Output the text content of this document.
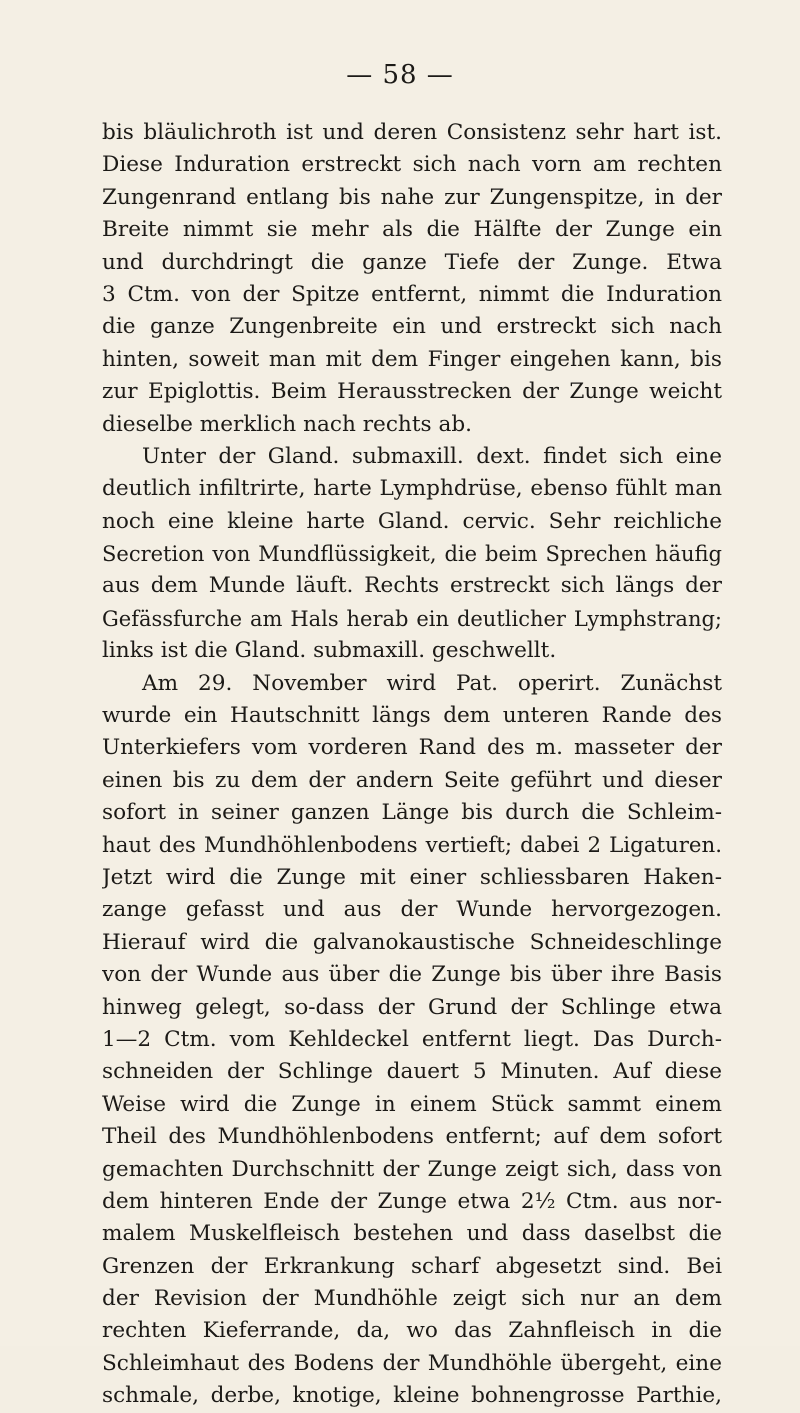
— 58 —
bis bläulichroth ist und deren Consistenz sehr hart ist.
Diese Induration erstreckt sich nach vorn am rechten
Zungenrand entlang bis nahe zur Zungenspitze, in der
Breite nimmt sie mehr als die Hälfte der Zunge ein
und durchdringt die ganze Tiefe der Zunge. Etwa
3 Ctm. von der Spitze entfernt, nimmt die Induration
die ganze Zungenbreite ein und erstreckt sich nach
hinten, soweit man mit dem Finger eingehen kann, bis
zur Epiglottis. Beim Herausstrecken der Zunge weicht
dieselbe merklich nach rechts ab.
Unter der Gland. submaxill. dext. findet sich eine
deutlich infiltrirte, harte Lymphdrüse, ebenso fühlt man
noch eine kleine harte Gland. cervic. Sehr reichliche
Secretion von Mundflüssigkeit, die beim Sprechen häufig
aus dem Munde läuft. Rechts erstreckt sich längs der
Gefässfurche am Hals herab ein deutlicher Lymphstrang;
links ist die Gland. submaxill. geschwellt.
Am 29. November wird Pat. operirt. Zunächst
wurde ein Hautschnitt längs dem unteren Rande des
Unterkiefers vom vorderen Rand des m. masseter der
einen bis zu dem der andern Seite geführt und dieser
sofort in seiner ganzen Länge bis durch die Schleim-
haut des Mundhöhlenbodens vertieft; dabei 2 Ligaturen.
Jetzt wird die Zunge mit einer schliessbaren Haken-
zange gefasst und aus der Wunde hervorgezogen.
Hierauf wird die galvanokaustische Schneideschlinge
von der Wunde aus über die Zunge bis über ihre Basis
hinweg gelegt, so-dass der Grund der Schlinge etwa
1—2 Ctm. vom Kehldeckel entfernt liegt. Das Durch-
schneiden der Schlinge dauert 5 Minuten. Auf diese
Weise wird die Zunge in einem Stück sammt einem
Theil des Mundhöhlenbodens entfernt; auf dem sofort
gemachten Durchschnitt der Zunge zeigt sich, dass von
dem hinteren Ende der Zunge etwa 2½ Ctm. aus nor-
malem Muskelfleisch bestehen und dass daselbst die
Grenzen der Erkrankung scharf abgesetzt sind. Bei
der Revision der Mundhöhle zeigt sich nur an dem
rechten Kieferrande, da, wo das Zahnfleisch in die
Schleimhaut des Bodens der Mundhöhle übergeht, eine
schmale, derbe, knotige, kleine bohnengrosse Parthie,
